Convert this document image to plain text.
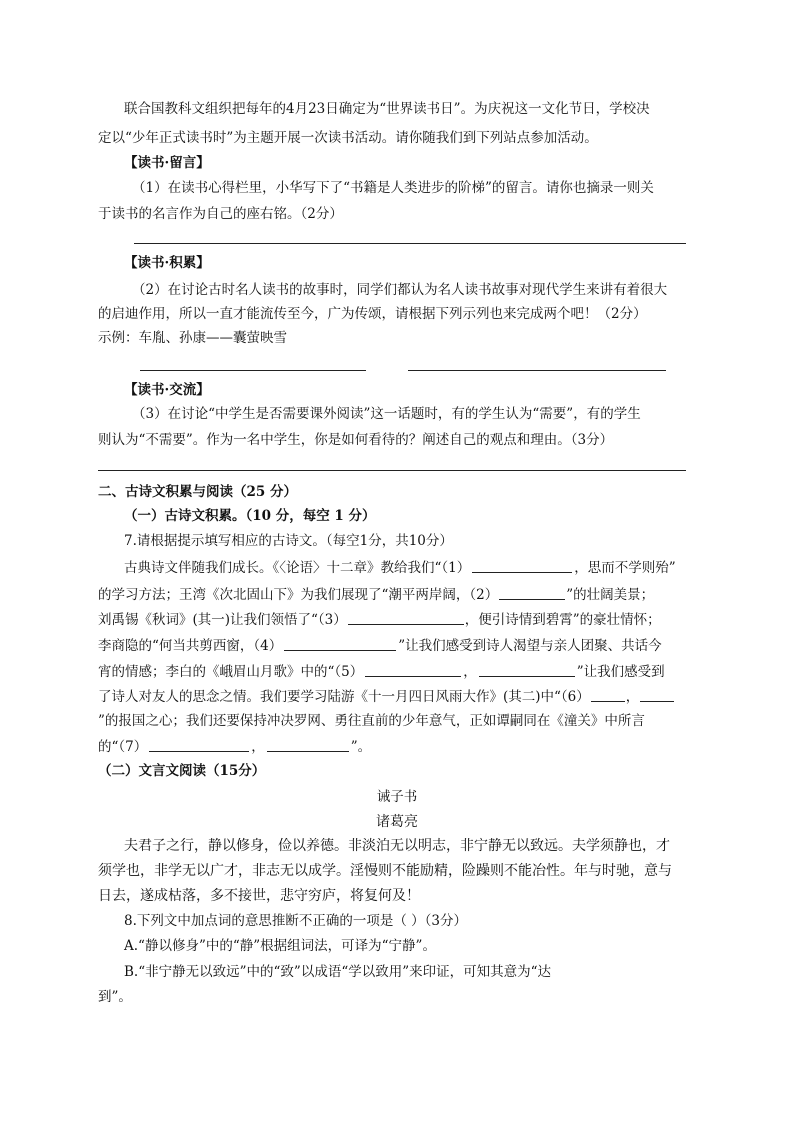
联合国教科文组织把每年的4月23日确定为“世界读书日”。为庆祝这一文化节日，学校决
定以“少年正式读书时”为主题开展一次读书活动。请你随我们到下列站点参加活动。
【读书·留言】
（1）在读书心得栏里，小华写下了“书籍是人类进步的阶梯”的留言。请你也摘录一则关
于读书的名言作为自己的座右铭。（2分）
【读书·积累】
（2）在讨论古时名人读书的故事时，同学们都认为名人读书故事对现代学生来讲有着很大
的启迪作用，所以一直才能流传至今，广为传颂，请根据下列示列也来完成两个吧！（2分）
示例：车胤、孙康——囊萤映雪
【读书·交流】
（3）在讨论“中学生是否需要课外阅读”这一话题时，有的学生认为“需要”，有的学生
则认为“不需要”。作为一名中学生，你是如何看待的？阐述自己的观点和理由。（3分）
二、古诗文积累与阅读（25 分）
（一）古诗文积累。（10 分，每空 1 分）
7.请根据提示填写相应的古诗文。（每空1分，共10分）
古典诗文伴随我们成长。《〈论语〉十二章》教给我们“（1）	，思而不学则殆”
的学习方法；王湾《次北固山下》为我们展现了“潮平两岸阔，（2）	”的壮阔美景；
刘禹锡《秋词》(其一)让我们领悟了“（3）	，便引诗情到碧霄”的豪壮情怀；
李商隐的“何当共剪西窗，（4）	”让我们感受到诗人渴望与亲人团聚、共话今
宵的情感；李白的《峨眉山月歌》中的“（5）	，	”让我们感受到
了诗人对友人的思念之情。我们要学习陆游《十一月四日风雨大作》(其二)中“（6）	，
”的报国之心；我们还要保持冲决罗网、勇往直前的少年意气，正如谭嗣同在《潼关》中所言
的“（7）	，	”。
（二）文言文阅读（15分）
诫子书
诸葛亮
夫君子之行，静以修身，俭以养德。非淡泊无以明志，非宁静无以致远。夫学须静也，才
须学也，非学无以广才，非志无以成学。淫慢则不能励精，险躁则不能冶性。年与时驰，意与
日去，遂成枯落，多不接世，悲守穷庐，将复何及！
8.下列文中加点词的意思推断不正确的一项是（ ）（3分）
A.“静以修身”中的“静”根据组词法，可译为“宁静”。
B.“非宁静无以致远”中的“致”以成语“学以致用”来印证，可知其意为“达
到”。
